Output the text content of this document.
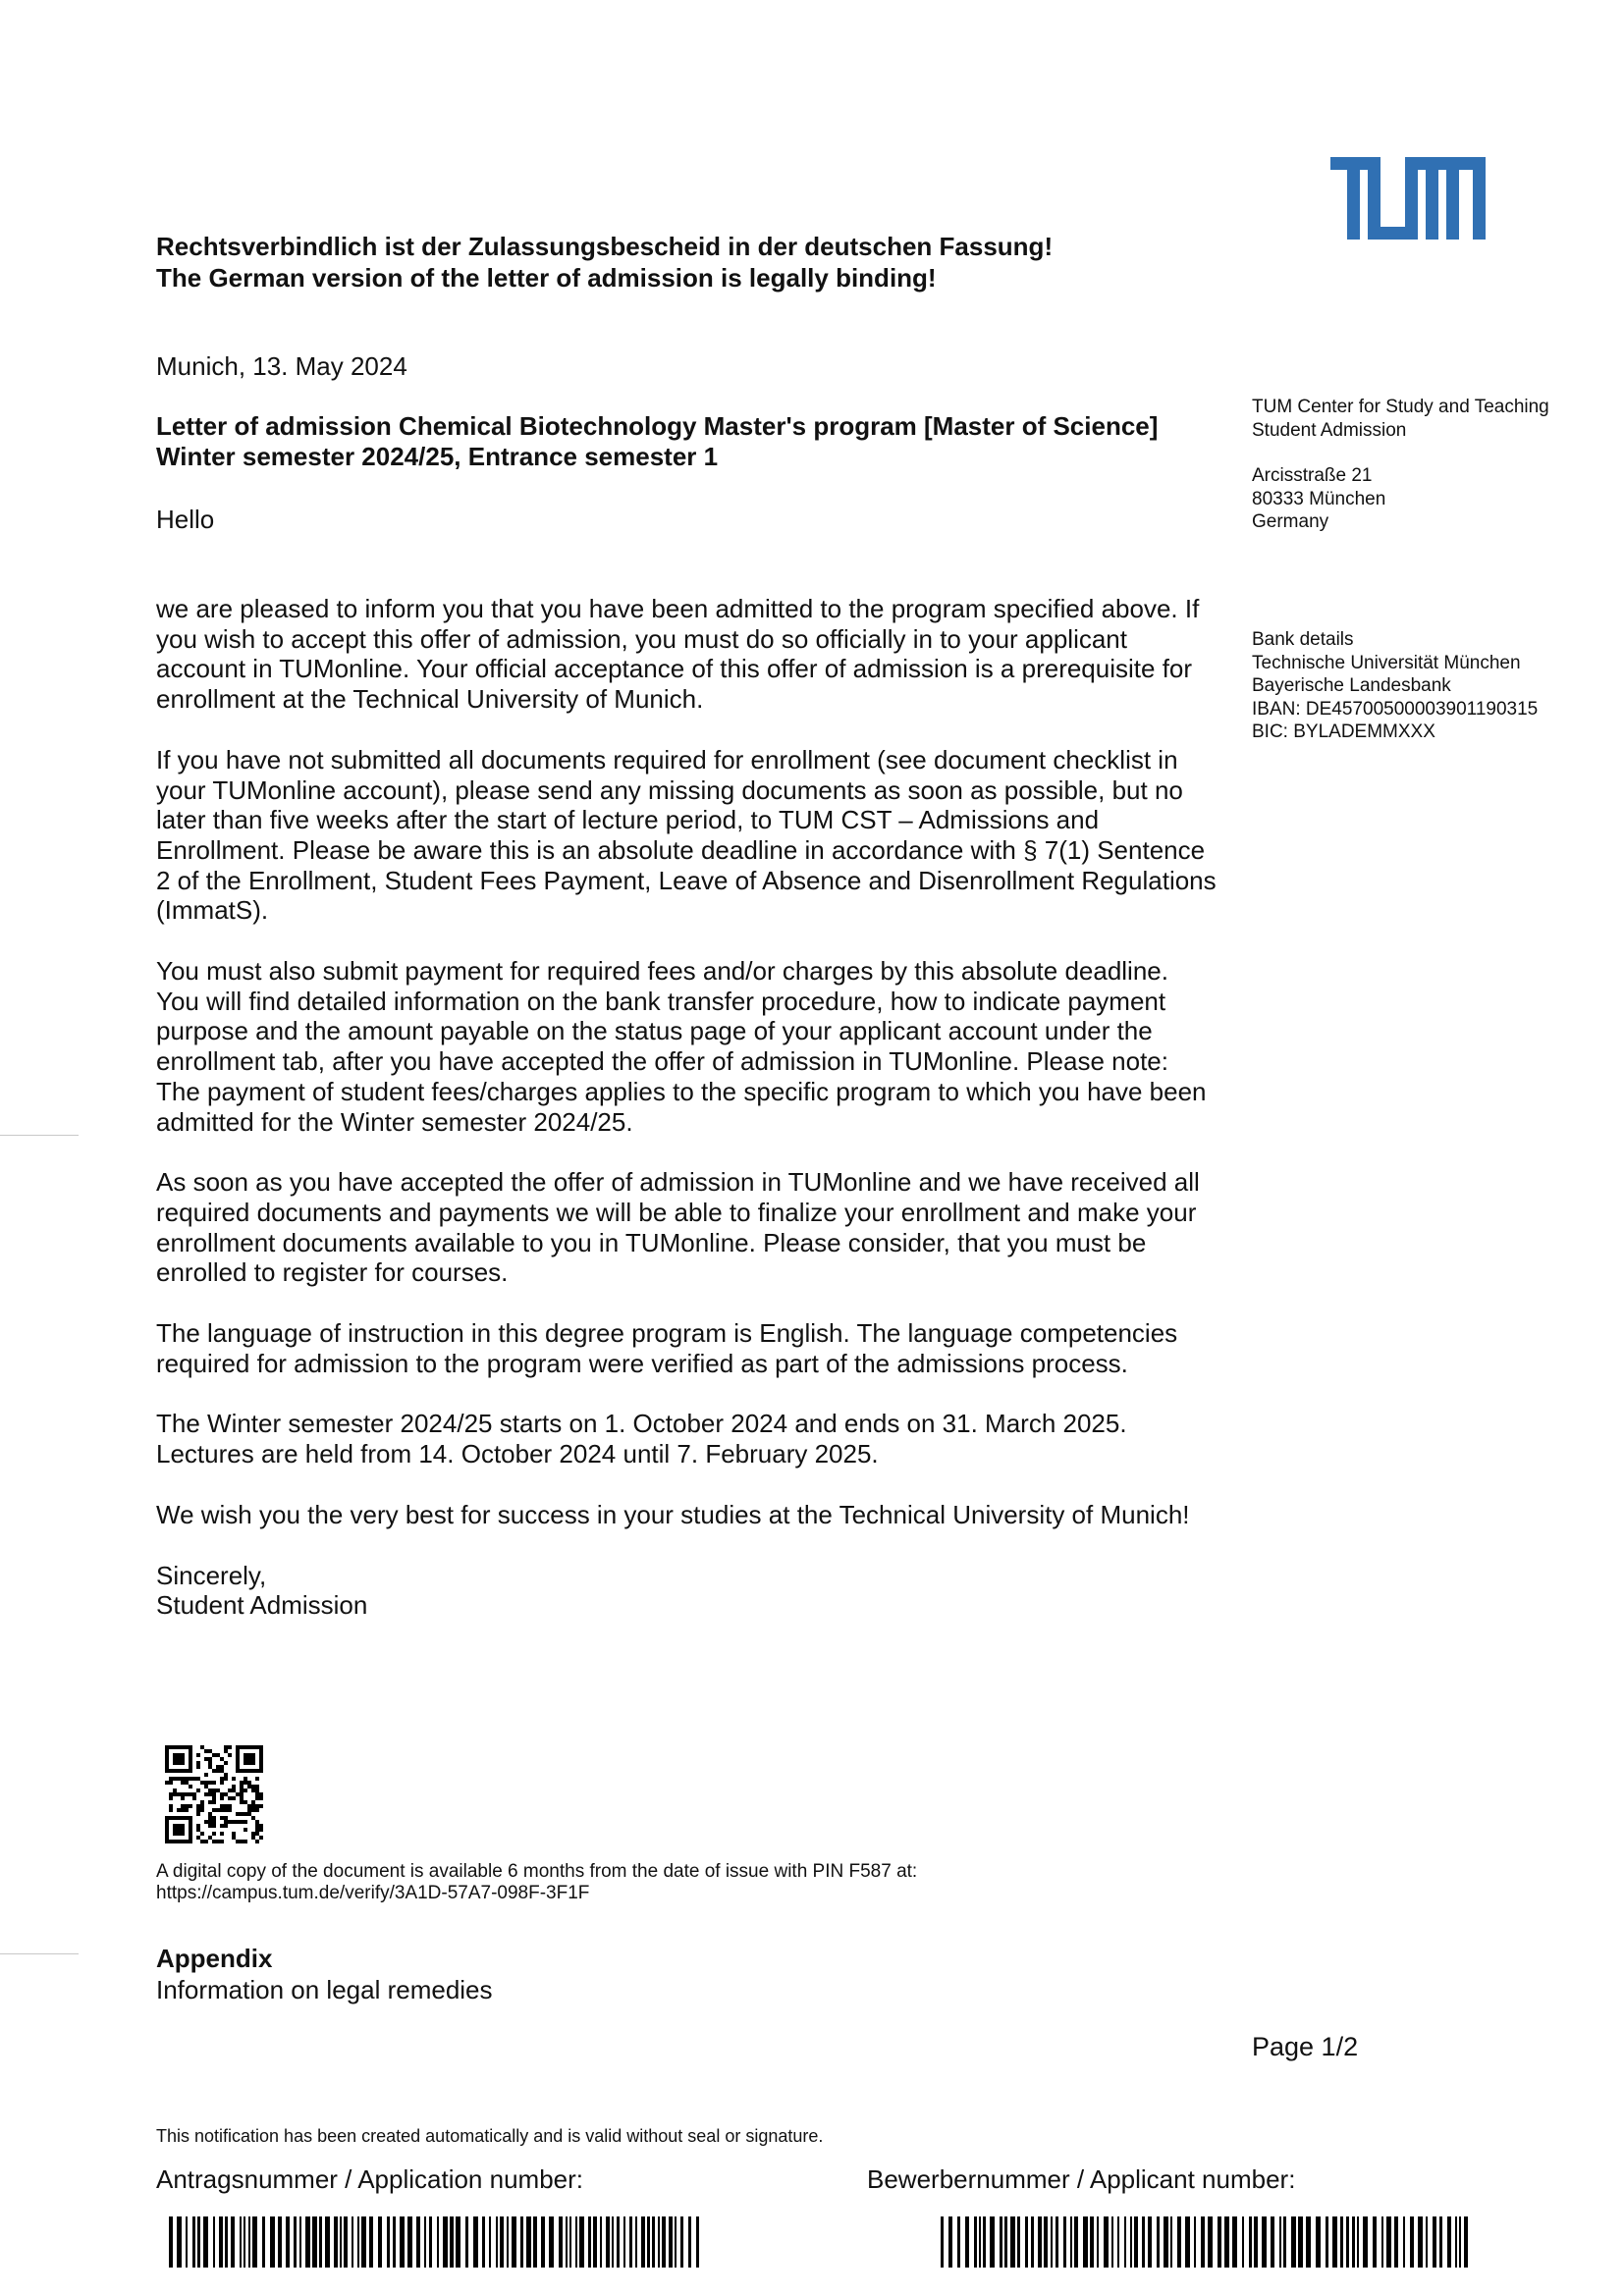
Rechtsverbindlich ist der Zulassungsbescheid in der deutschen Fassung!
The German version of the letter of admission is legally binding!
Munich, 13. May 2024
Letter of admission Chemical Biotechnology Master's program [Master of Science] Winter semester 2024/25, Entrance semester 1
Hello

we are pleased to inform you that you have been admitted to the program specified above. If you wish to accept this offer of admission, you must do so officially in to your applicant account in TUMonline. Your official acceptance of this offer of admission is a prerequisite for enrollment at the Technical University of Munich.

If you have not submitted all documents required for enrollment (see document checklist in your TUMonline account), please send any missing documents as soon as possible, but no later than five weeks after the start of lecture period, to TUM CST – Admissions and Enrollment. Please be aware this is an absolute deadline in accordance with § 7(1) Sentence 2 of the Enrollment, Student Fees Payment, Leave of Absence and Disenrollment Regulations (ImmatS).

You must also submit payment for required fees and/or charges by this absolute deadline. You will find detailed information on the bank transfer procedure, how to indicate payment purpose and the amount payable on the status page of your applicant account under the enrollment tab, after you have accepted the offer of admission in TUMonline. Please note: The payment of student fees/charges applies to the specific program to which you have been admitted for the Winter semester 2024/25.

As soon as you have accepted the offer of admission in TUMonline and we have received all required documents and payments we will be able to finalize your enrollment and make your enrollment documents available to you in TUMonline. Please consider, that you must be enrolled to register for courses.

The language of instruction in this degree program is English. The language competencies required for admission to the program were verified as part of the admissions process.

The Winter semester 2024/25 starts on 1. October 2024 and ends on 31. March 2025. Lectures are held from 14. October 2024 until 7. February 2025.

We wish you the very best for success in your studies at the Technical University of Munich!

Sincerely,
Student Admission

TUM Center for Study and Teaching
Student Admission
Arcisstraße 21
80333 München
Germany
Bank details
Technische Universität München
Bayerische Landesbank
IBAN: DE45700500003901190315
BIC: BYLADEMMXXX
A digital copy of the document is available 6 months from the date of issue with PIN F587 at:
https://campus.tum.de/verify/3A1D-57A7-098F-3F1F
Appendix
Information on legal remedies
Page 1/2
This notification has been created automatically and is valid without seal or signature.
Antragsnummer / Application number:	Bewerbernummer / Applicant number:
